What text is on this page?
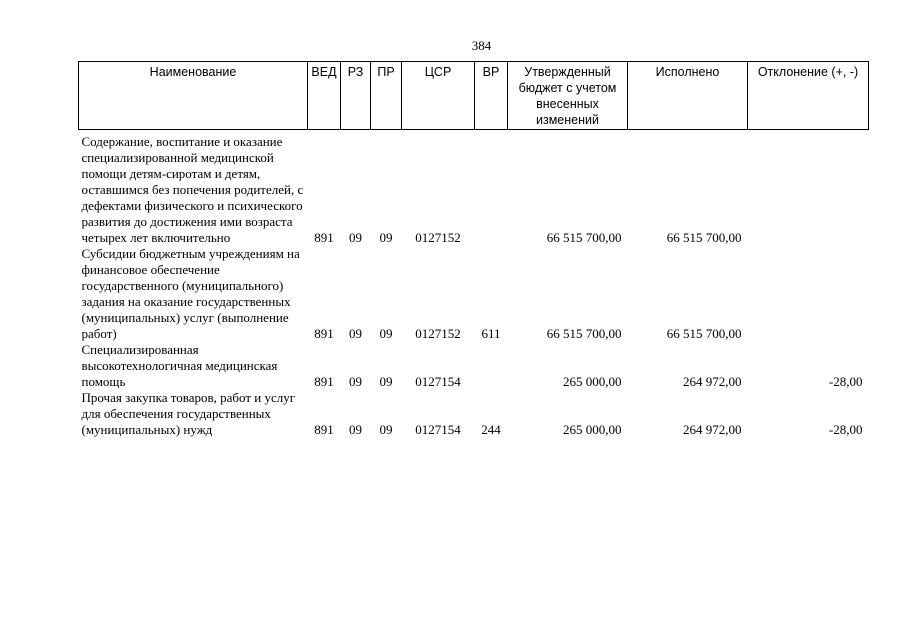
384
Наименование	ВЕД	РЗ	ПР	ЦСР	ВР	Утвержденный бюджет с учетом внесенных изменений	Исполнено	Отклонение (+, -)
Содержание, воспитание и оказание специализированной медицинской помощи детям-сиротам и детям, оставшимся без попечения родителей, с дефектами физического и психического развития до достижения ими возраста четырех лет включительно	891	09	09	0127152		66 515 700,00	66 515 700,00	
Субсидии бюджетным учреждениям на финансовое обеспечение государственного (муниципального) задания на оказание государственных (муниципальных) услуг (выполнение работ)	891	09	09	0127152	611	66 515 700,00	66 515 700,00	
Специализированная высокотехнологичная медицинская помощь	891	09	09	0127154		265 000,00	264 972,00	-28,00
Прочая закупка товаров, работ и услуг для обеспечения государственных (муниципальных) нужд	891	09	09	0127154	244	265 000,00	264 972,00	-28,00
